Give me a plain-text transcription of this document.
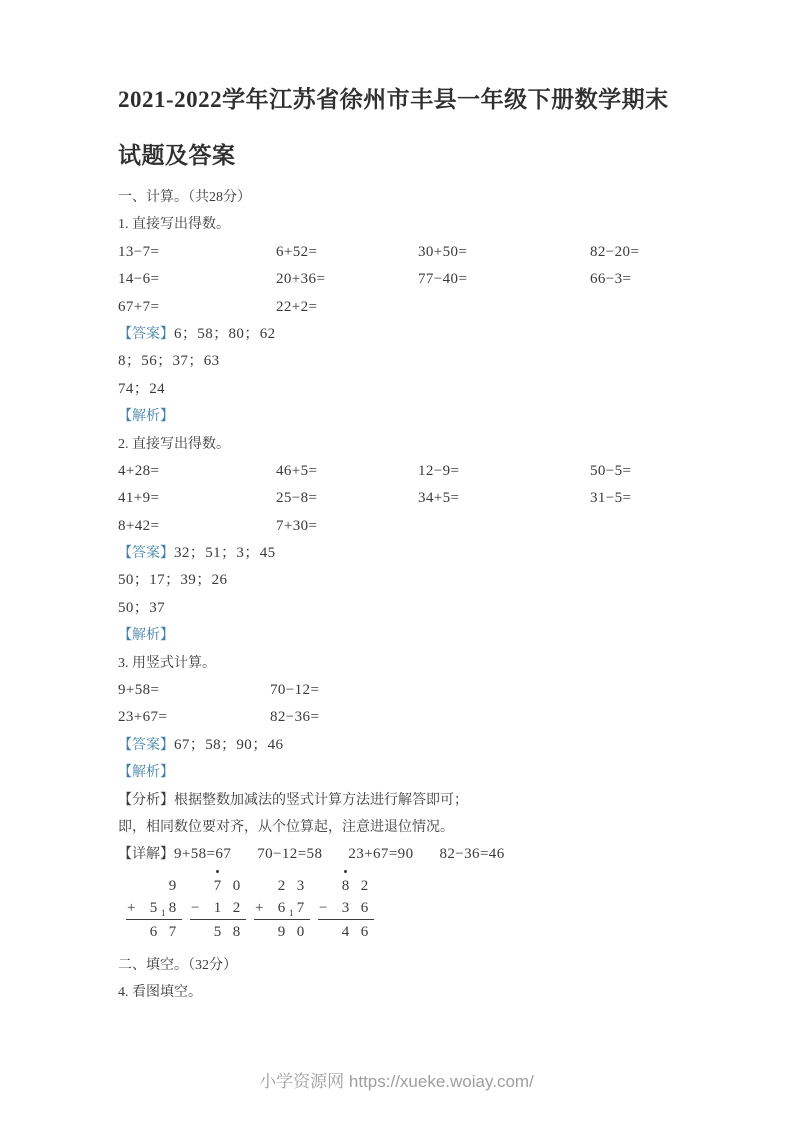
2021-2022学年江苏省徐州市丰县一年级下册数学期末试题及答案
一、计算。（共28分）
1. 直接写出得数。
13−7=	6+52=	30+50=	82−20=
14−6=	20+36=	77−40=	66−3=
67+7=	22+2=
【答案】6；58；80；62
8；56；37；63
74；24
【解析】
2. 直接写出得数。
4+28=	46+5=	12−9=	50−5=
41+9=	25−8=	34+5=	31−5=
8+42=	7+30=
【答案】32；51；3；45
50；17；39；26
50；37
【解析】
3. 用竖式计算。
9+58=	70−12=
23+67=	82−36=
【答案】67；58；90；46
【解析】
【分析】根据整数加减法的竖式计算方法进行解答即可；
即，相同数位要对齐，从个位算起，注意进退位情况。
【详解】9+58=67 70−12=58 23+67=90 82−36=46
9
+ 5 1 8
6 7
7 0
− 1 2
5 8
2 3
+ 6 1 7
9 0
8 2
− 3 6
4 6
二、填空。（32分）
4. 看图填空。
小学资源网 https://xueke.woiay.com/
